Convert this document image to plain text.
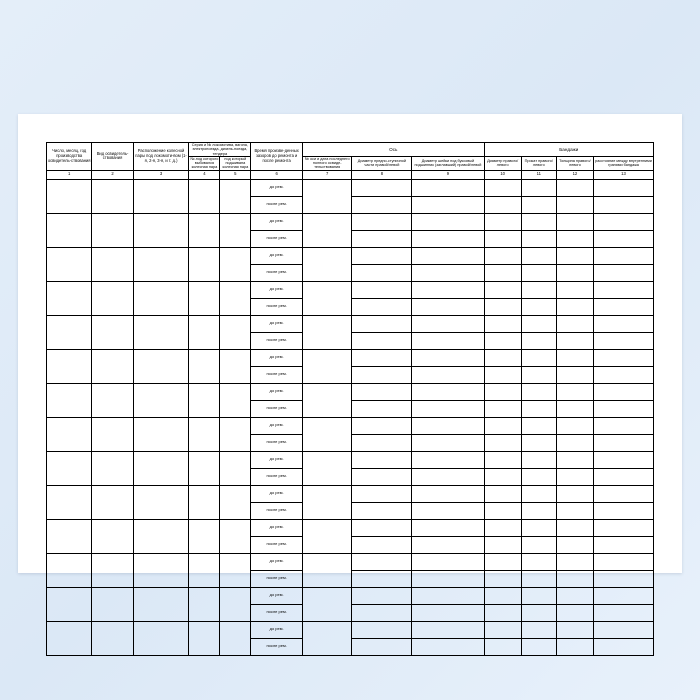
Число, месяц, год производства освидетель-ствования	Вид освидетель-ствования	Расположение колесной пары под локомоти-вом (1-я, 2-я, 3-я, и т. д.)	Серия и № локомотива, вагона, электропоезда, дизель-поезда, тендера		Время произве-денных зазоров до ремонта и после ремонта	Ось			Бандажи			
			№-под которого выбивался колесная пара	под который подшивана колесная пара		№ оси и дата последнего полного освиде-тельствования	Диаметр предпо-ступичной части правой/левой	Диаметр шейки под буксовый подшипник (заглавший) правой/левой	Диаметр правого/ левого	Прокат правого/ левого	Толщина правого/ левого	расстояние между внутренними гранями бандажа
1	2	3	4	5	6	7	8	9	10	11	12	13
					до рем.							
					после рем.							
					до рем.							
					после рем.							
					до рем.							
					после рем.							
					до рем.							
					после рем.							
					до рем.							
					после рем.							
					до рем.							
					после рем.							
					до рем.							
					после рем.							
					до рем.							
					после рем.							
					до рем.							
					после рем.							
					до рем.							
					после рем.							
					до рем.							
					после рем.							
					до рем.							
					после рем.							
					до рем.							
					после рем.							
					до рем.							
					после рем.							
